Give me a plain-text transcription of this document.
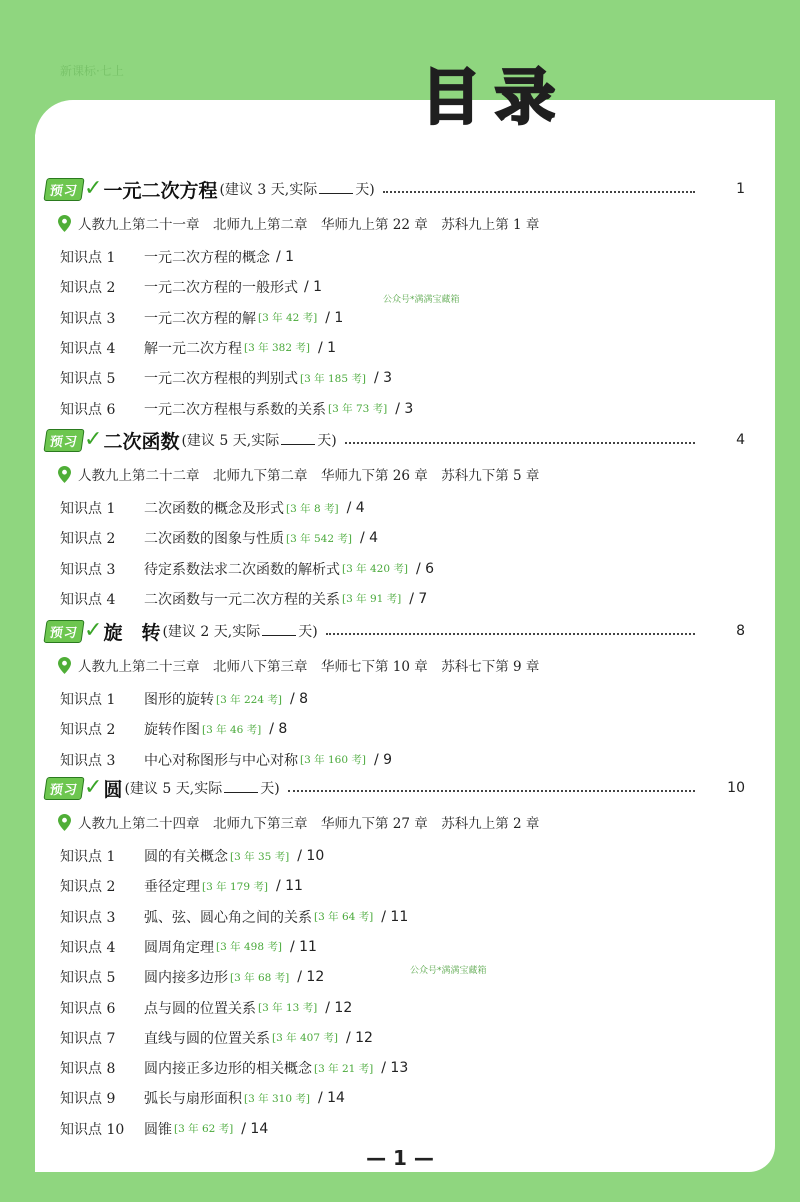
新课标·七上	目录
预习 ✓ 一元二次方程 (建议 3 天,实际	天)	1
人教九上第二十一章　北师九上第二章　华师九上第 22 章　苏科九上第 1 章
知识点 1	一元二次方程的概念 / 1
知识点 2	一元二次方程的一般形式 / 1
知识点 3	一元二次方程的解 [3 年 42 考] / 1
知识点 4	解一元二次方程 [3 年 382 考] / 1
知识点 5	一元二次方程根的判别式 [3 年 185 考] / 3
知识点 6	一元二次方程根与系数的关系 [3 年 73 考] / 3
预习 ✓ 二次函数 (建议 5 天,实际	天)	4
人教九上第二十二章　北师九下第二章　华师九下第 26 章　苏科九下第 5 章
知识点 1	二次函数的概念及形式 [3 年 8 考] / 4
知识点 2	二次函数的图象与性质 [3 年 542 考] / 4
知识点 3	待定系数法求二次函数的解析式 [3 年 420 考] / 6
知识点 4	二次函数与一元二次方程的关系 [3 年 91 考] / 7
预习 ✓ 旋　转 (建议 2 天,实际	天)	8
人教九上第二十三章　北师八下第三章　华师七下第 10 章　苏科七下第 9 章
知识点 1	图形的旋转 [3 年 224 考] / 8
知识点 2	旋转作图 [3 年 46 考] / 8
知识点 3	中心对称图形与中心对称 [3 年 160 考] / 9
预习 ✓ 圆 (建议 5 天,实际	天)	10
人教九上第二十四章　北师九下第三章　华师九下第 27 章　苏科九上第 2 章
知识点 1	圆的有关概念 [3 年 35 考] / 10
知识点 2	垂径定理 [3 年 179 考] / 11
知识点 3	弧、弦、圆心角之间的关系 [3 年 64 考] / 11
知识点 4	圆周角定理 [3 年 498 考] / 11
知识点 5	圆内接多边形 [3 年 68 考] / 12
知识点 6	点与圆的位置关系 [3 年 13 考] / 12
知识点 7	直线与圆的位置关系 [3 年 407 考] / 12
知识点 8	圆内接正多边形的相关概念 [3 年 21 考] / 13
知识点 9	弧长与扇形面积 [3 年 310 考] / 14
知识点 10	圆锥 [3 年 62 考] / 14
公众号*满满宝藏箱
公众号*满满宝藏箱
— 1 —
